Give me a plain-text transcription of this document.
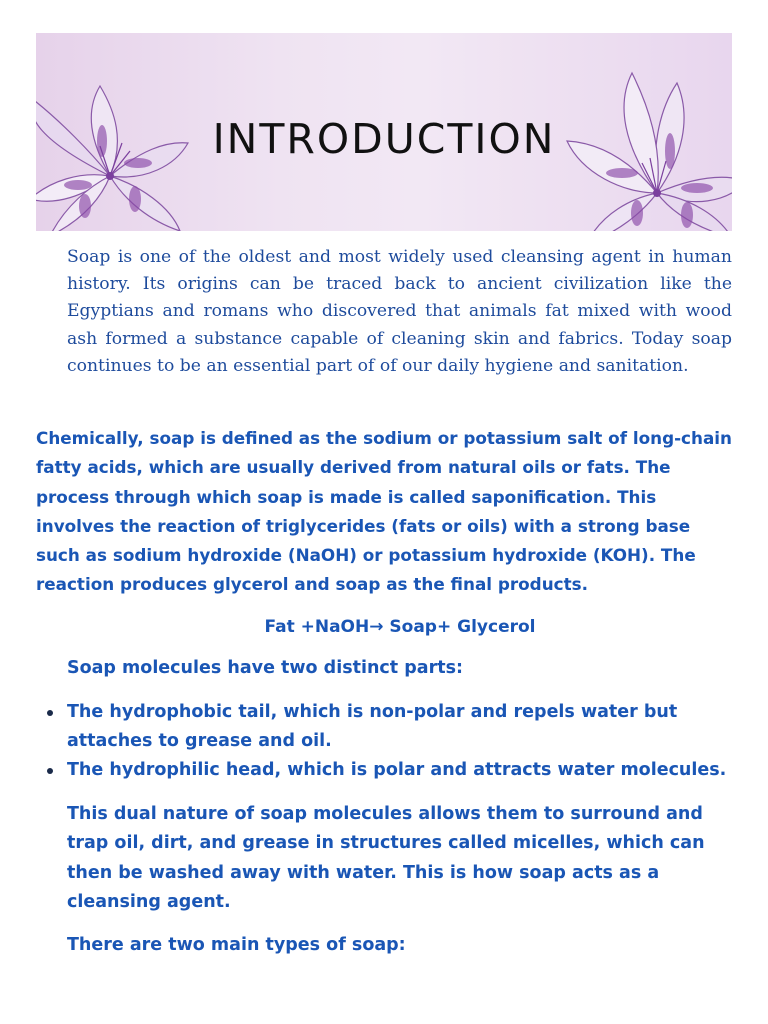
INTRODUCTION

Soap is one of the oldest and most widely used cleansing agent in human history. Its origins can be traced back to ancient civilization like the Egyptians and romans who discovered that animals fat mixed with wood ash formed a substance capable of cleaning skin and fabrics. Today soap continues to be an essential part of of our daily hygiene and sanitation.

Chemically, soap is defined as the sodium or potassium salt of long-chain fatty acids, which are usually derived from natural oils or fats. The process through which soap is made is called saponification. This involves the reaction of triglycerides (fats or oils) with a strong base such as sodium hydroxide (NaOH) or potassium hydroxide (KOH). The reaction produces glycerol and soap as the final products.

Fat +NaOH→ Soap+ Glycerol
Soap molecules have two distinct parts:
The hydrophobic tail, which is non-polar and repels water but attaches to grease and oil.
The hydrophilic head, which is polar and attracts water molecules.

This dual nature of soap molecules allows them to surround and trap oil, dirt, and grease in structures called micelles, which can then be washed away with water. This is how soap acts as a cleansing agent.

There are two main types of soap:
